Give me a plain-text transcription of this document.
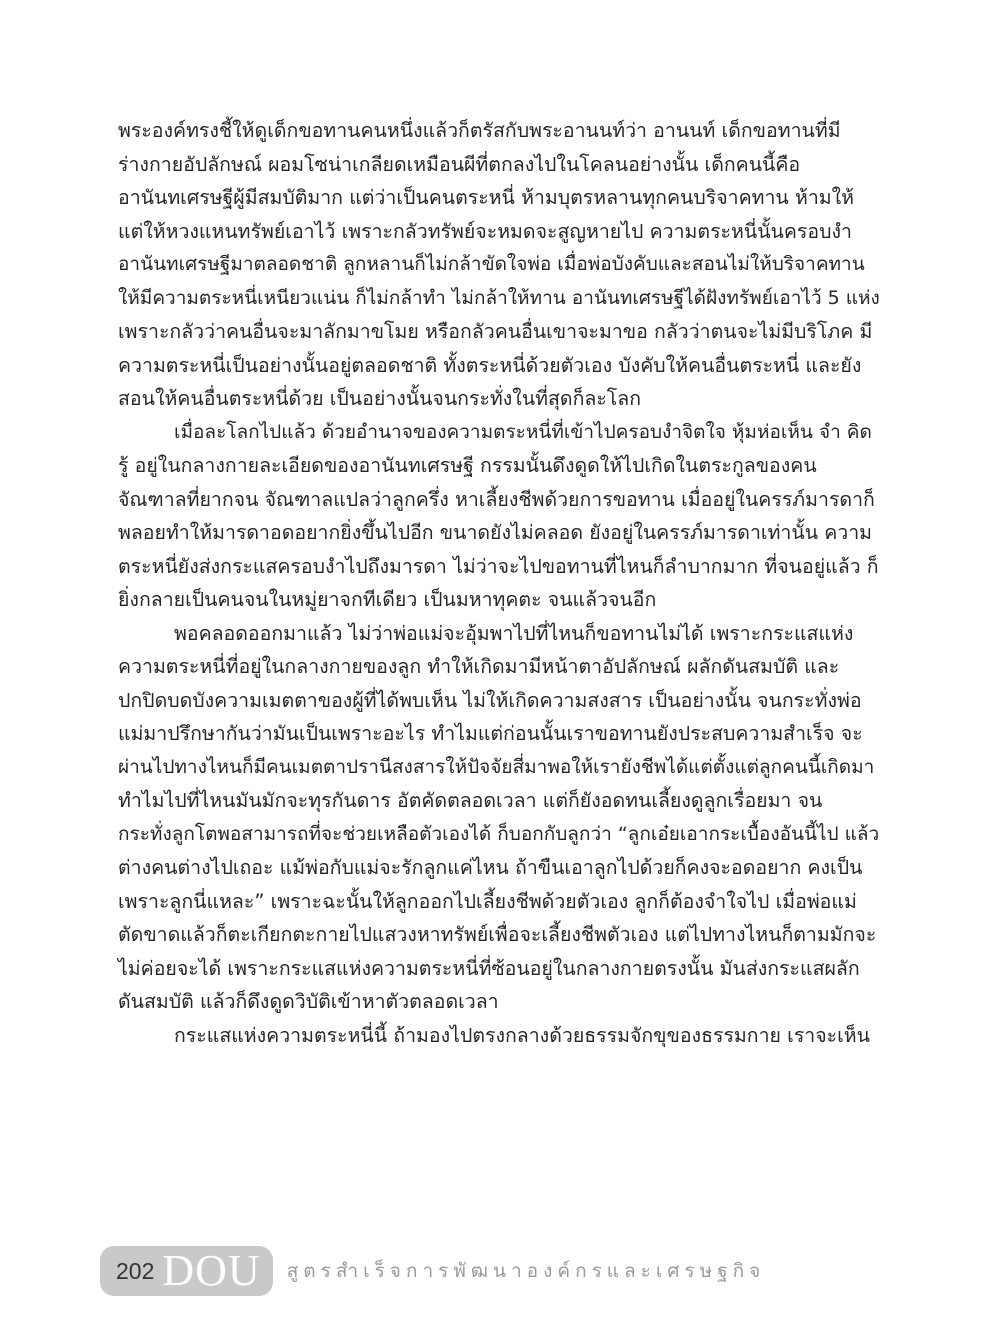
พระองค์ทรงชี้ให้ดูเด็กขอทานคนหนึ่งแล้วก็ตรัสกับพระอานนท์ว่า อานนท์ เด็กขอทานที่มี
ร่างกายอัปลักษณ์ ผอมโซน่าเกลียดเหมือนผีที่ตกลงไปในโคลนอย่างนั้น เด็กคนนี้คือ
อานันทเศรษฐีผู้มีสมบัติมาก แต่ว่าเป็นคนตระหนี่ ห้ามบุตรหลานทุกคนบริจาคทาน ห้ามให้
แต่ให้หวงแหนทรัพย์เอาไว้ เพราะกลัวทรัพย์จะหมดจะสูญหายไป ความตระหนี่นั้นครอบงำ
อานันทเศรษฐีมาตลอดชาติ ลูกหลานก็ไม่กล้าขัดใจพ่อ เมื่อพ่อบังคับและสอนไม่ให้บริจาคทาน
ให้มีความตระหนี่เหนียวแน่น ก็ไม่กล้าทำ ไม่กล้าให้ทาน อานันทเศรษฐีได้ฝังทรัพย์เอาไว้ 5 แห่ง
เพราะกลัวว่าคนอื่นจะมาลักมาขโมย หรือกลัวคนอื่นเขาจะมาขอ กลัวว่าตนจะไม่มีบริโภค มี
ความตระหนี่เป็นอย่างนั้นอยู่ตลอดชาติ ทั้งตระหนี่ด้วยตัวเอง บังคับให้คนอื่นตระหนี่ และยัง
สอนให้คนอื่นตระหนี่ด้วย เป็นอย่างนั้นจนกระทั่งในที่สุดก็ละโลก
เมื่อละโลกไปแล้ว ด้วยอำนาจของความตระหนี่ที่เข้าไปครอบงำจิตใจ หุ้มห่อเห็น จำ คิด
รู้ อยู่ในกลางกายละเอียดของอานันทเศรษฐี กรรมนั้นดึงดูดให้ไปเกิดในตระกูลของคน
จัณฑาลที่ยากจน จัณฑาลแปลว่าลูกครึ่ง หาเลี้ยงชีพด้วยการขอทาน เมื่ออยู่ในครรภ์มารดาก็
พลอยทำให้มารดาอดอยากยิ่งขึ้นไปอีก ขนาดยังไม่คลอด ยังอยู่ในครรภ์มารดาเท่านั้น ความ
ตระหนี่ยังส่งกระแสครอบงำไปถึงมารดา ไม่ว่าจะไปขอทานที่ไหนก็ลำบากมาก ที่จนอยู่แล้ว ก็
ยิ่งกลายเป็นคนจนในหมู่ยาจกทีเดียว เป็นมหาทุคตะ จนแล้วจนอีก
พอคลอดออกมาแล้ว ไม่ว่าพ่อแม่จะอุ้มพาไปที่ไหนก็ขอทานไม่ได้ เพราะกระแสแห่ง
ความตระหนี่ที่อยู่ในกลางกายของลูก ทำให้เกิดมามีหน้าตาอัปลักษณ์ ผลักดันสมบัติ และ
ปกปิดบดบังความเมตตาของผู้ที่ได้พบเห็น ไม่ให้เกิดความสงสาร เป็นอย่างนั้น จนกระทั่งพ่อ
แม่มาปรึกษากันว่ามันเป็นเพราะอะไร ทำไมแต่ก่อนนั้นเราขอทานยังประสบความสำเร็จ จะ
ผ่านไปทางไหนก็มีคนเมตตาปรานีสงสารให้ปัจจัยสี่มาพอให้เรายังชีพได้แต่ตั้งแต่ลูกคนนี้เกิดมา
ทำไมไปที่ไหนมันมักจะทุรกันดาร อัตคัดตลอดเวลา แต่ก็ยังอดทนเลี้ยงดูลูกเรื่อยมา จน
กระทั่งลูกโตพอสามารถที่จะช่วยเหลือตัวเองได้ ก็บอกกับลูกว่า “ลูกเอ๋ยเอากระเบื้องอันนี้ไป แล้ว
ต่างคนต่างไปเถอะ แม้พ่อกับแม่จะรักลูกแค่ไหน ถ้าขืนเอาลูกไปด้วยก็คงจะอดอยาก คงเป็น
เพราะลูกนี่แหละ” เพราะฉะนั้นให้ลูกออกไปเลี้ยงชีพด้วยตัวเอง ลูกก็ต้องจำใจไป เมื่อพ่อแม่
ตัดขาดแล้วก็ตะเกียกตะกายไปแสวงหาทรัพย์เพื่อจะเลี้ยงชีพตัวเอง แต่ไปทางไหนก็ตามมักจะ
ไม่ค่อยจะได้ เพราะกระแสแห่งความตระหนี่ที่ซ้อนอยู่ในกลางกายตรงนั้น มันส่งกระแสผลัก
ดันสมบัติ แล้วก็ดึงดูดวิบัติเข้าหาตัวตลอดเวลา
กระแสแห่งความตระหนี่นี้ ถ้ามองไปตรงกลางด้วยธรรมจักขุของธรรมกาย เราจะเห็น
202 DOU สูตรสำเร็จการพัฒนาองค์กรและเศรษฐกิจ
